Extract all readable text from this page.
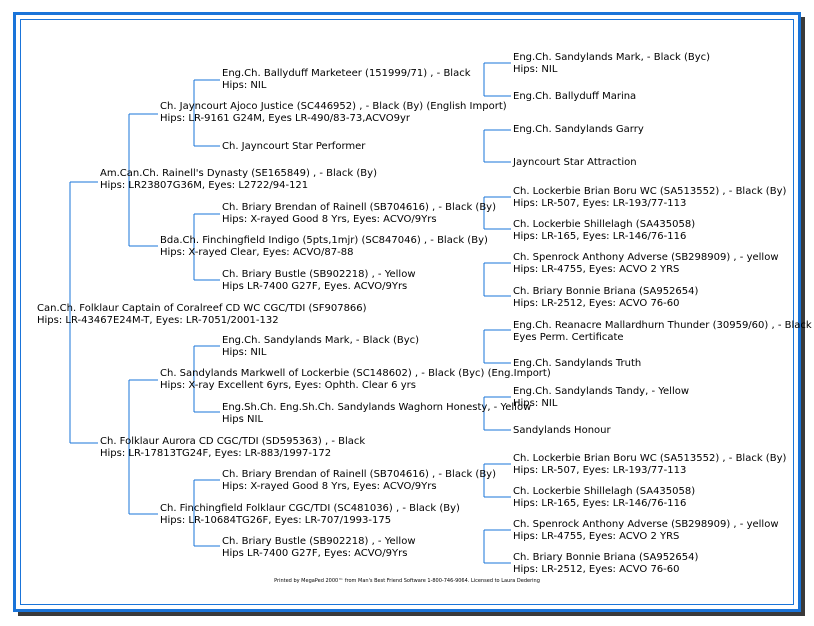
Can.Ch. Folklaur Captain of Coralreef CD WC CGC/TDI (SF907866)
Hips: LR-43467E24M-T, Eyes: LR-7051/2001-132
Am.Can.Ch. Rainell's Dynasty (SE165849) , - Black (By)
Hips: LR23807G36M, Eyes: L2722/94-121
Ch. Folklaur Aurora CD CGC/TDI (SD595363) , - Black
Hips: LR-17813TG24F, Eyes: LR-883/1997-172
Ch. Jayncourt Ajoco Justice (SC446952) , - Black (By) (English Import)
Hips: LR-9161 G24M, Eyes LR-490/83-73,ACVO9yr
Bda.Ch. Finchingfield Indigo (5pts,1mjr) (SC847046) , - Black (By)
Hips: X-rayed Clear, Eyes: ACVO/87-88
Ch. Sandylands Markwell of Lockerbie (SC148602) , - Black (Byc) (Eng.Import)
Hips: X-ray Excellent 6yrs, Eyes: Ophth. Clear 6 yrs
Ch. Finchingfield Folklaur CGC/TDI (SC481036) , - Black (By)
Hips: LR-10684TG26F, Eyes: LR-707/1993-175
Eng.Ch. Ballyduff Marketeer (151999/71) , - Black
Hips: NIL
Ch. Jayncourt Star Performer
Ch. Briary Brendan of Rainell (SB704616) , - Black (By)
Hips: X-rayed Good 8 Yrs, Eyes: ACVO/9Yrs
Ch. Briary Bustle (SB902218) , - Yellow
Hips LR-7400 G27F, Eyes. ACVO/9Yrs
Eng.Ch. Sandylands Mark, - Black (Byc)
Hips: NIL
Eng.Sh.Ch. Eng.Sh.Ch. Sandylands Waghorn Honesty, - Yellow
Hips NIL
Ch. Briary Brendan of Rainell (SB704616) , - Black (By)
Hips: X-rayed Good 8 Yrs, Eyes: ACVO/9Yrs
Ch. Briary Bustle (SB902218) , - Yellow
Hips LR-7400 G27F, Eyes: ACVO/9Yrs
Eng.Ch. Sandylands Mark, - Black (Byc)
Hips: NIL
Eng.Ch. Ballyduff Marina
Eng.Ch. Sandylands Garry
Jayncourt Star Attraction
Ch. Lockerbie Brian Boru WC (SA513552) , - Black (By)
Hips: LR-507, Eyes: LR-193/77-113
Ch. Lockerbie Shillelagh (SA435058)
Hips: LR-165, Eyes: LR-146/76-116
Ch. Spenrock Anthony Adverse (SB298909) , - yellow
Hips: LR-4755, Eyes: ACVO 2 YRS
Ch. Briary Bonnie Briana (SA952654)
Hips: LR-2512, Eyes: ACVO 76-60
Eng.Ch. Reanacre Mallardhurn Thunder (30959/60) , - Black
Eyes Perm. Certificate
Eng.Ch. Sandylands Truth
Eng.Ch. Sandylands Tandy, - Yellow
Hips: NIL
Sandylands Honour
Ch. Lockerbie Brian Boru WC (SA513552) , - Black (By)
Hips: LR-507, Eyes: LR-193/77-113
Ch. Lockerbie Shillelagh (SA435058)
Hips: LR-165, Eyes: LR-146/76-116
Ch. Spenrock Anthony Adverse (SB298909) , - yellow
Hips: LR-4755, Eyes: ACVO 2 YRS
Ch. Briary Bonnie Briana (SA952654)
Hips: LR-2512, Eyes: ACVO 76-60
Printed by MegaPed 2000™ from Man's Best Friend Software 1-800-746-9064. Licensed to Laura Dedering
